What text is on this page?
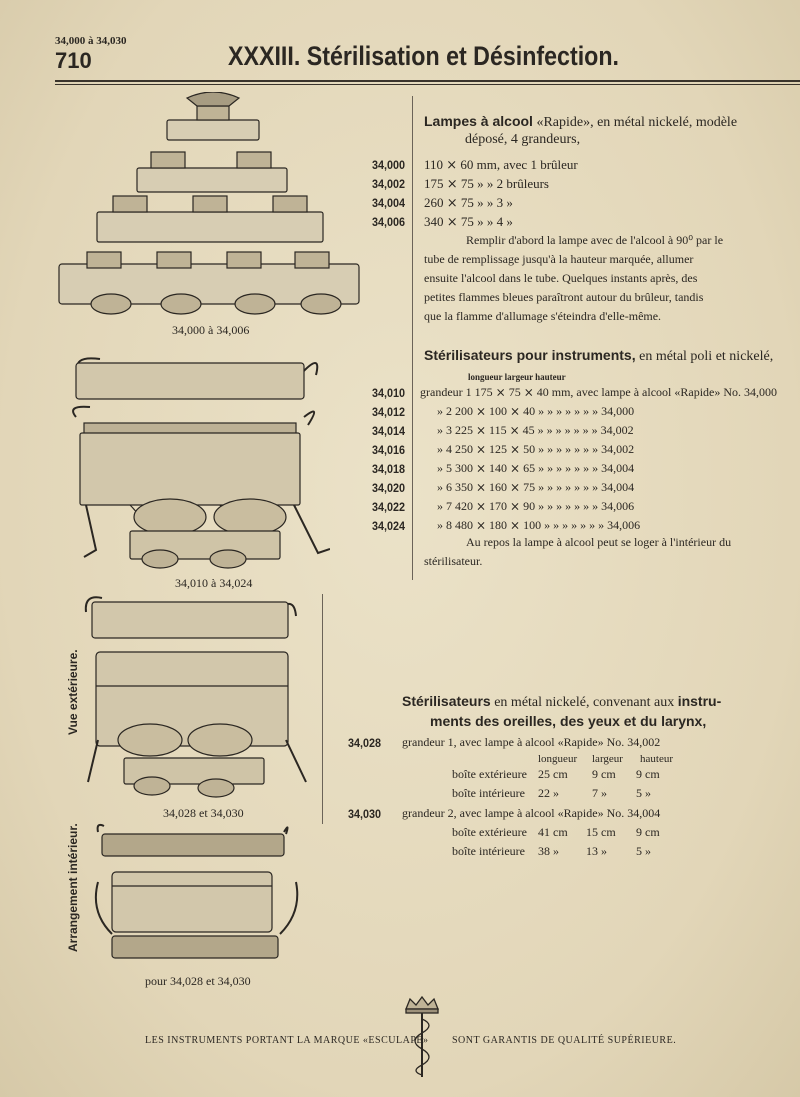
34,000 à 34,030
710	XXXIII. Stérilisation et Désinfection.
34,000 à 34,006
34,010 à 34,024
34,028 et 34,030
pour 34,028 et 34,030
Vue extérieure.
Arrangement intérieur.
Lampes à alcool «Rapide», en métal nickelé, modèle
déposé, 4 grandeurs,
34,000 110 ⨯ 60 mm, avec 1 brûleur
34,002 175 ⨯ 75 » » 2 brûleurs
34,004 260 ⨯ 75 » » 3 »
34,006 340 ⨯ 75 » » 4 »
Remplir d'abord la lampe avec de l'alcool à 90⁰ par le
tube de remplissage jusqu'à la hauteur marquée, allumer
ensuite l'alcool dans le tube. Quelques instants après, des
petites flammes bleues paraîtront autour du brûleur, tandis
que la flamme d'allumage s'éteindra d'elle-même.
Stérilisateurs pour instruments, en métal poli et nickelé,
longueur largeur hauteur
34,010 grandeur 1 175 ⨯ 75 ⨯ 40 mm, avec lampe à alcool «Rapide» No. 34,000
34,012	» 2 200 ⨯ 100 ⨯ 40 » » » » » » » 34,000
34,014	» 3 225 ⨯ 115 ⨯ 45 » » » » » » » 34,002
34,016	» 4 250 ⨯ 125 ⨯ 50 » » » » » » » 34,002
34,018	» 5 300 ⨯ 140 ⨯ 65 » » » » » » » 34,004
34,020	» 6 350 ⨯ 160 ⨯ 75 » » » » » » » 34,004
34,022	» 7 420 ⨯ 170 ⨯ 90 » » » » » » » 34,006
34,024	» 8 480 ⨯ 180 ⨯ 100 » » » » » » » 34,006
Au repos la lampe à alcool peut se loger à l'intérieur du
stérilisateur.
Stérilisateurs en métal nickelé, convenant aux instru-
ments des oreilles, des yeux et du larynx,
34,028 grandeur 1, avec lampe à alcool «Rapide» No. 34,002
longueur largeur hauteur
boîte extérieure 25 cm 9 cm 9 cm
boîte intérieure 22 »	7 » 5 »
34,030 grandeur 2, avec lampe à alcool «Rapide» No. 34,004
boîte extérieure 41 cm 15 cm 9 cm
boîte intérieure 38 » 13 » 5 »
LES INSTRUMENTS PORTANT LA MARQUE «ESCULAPE» SONT GARANTIS DE QUALITÉ SUPÉRIEURE.
